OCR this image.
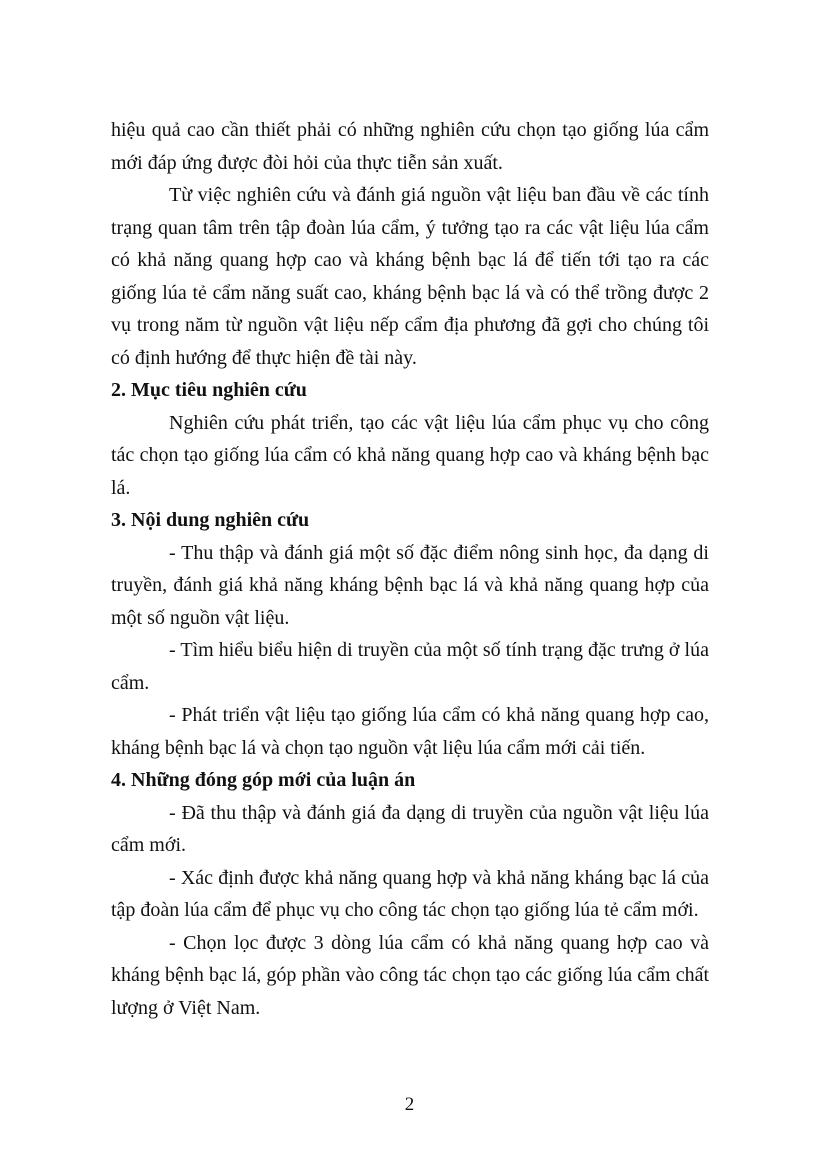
hiệu quả cao cần thiết phải có những nghiên cứu chọn tạo giống lúa cẩm mới đáp ứng được đòi hỏi của thực tiễn sản xuất.

Từ việc nghiên cứu và đánh giá nguồn vật liệu ban đầu về các tính trạng quan tâm trên tập đoàn lúa cẩm, ý tưởng tạo ra các vật liệu lúa cẩm có khả năng quang hợp cao và kháng bệnh bạc lá để tiến tới tạo ra các giống lúa tẻ cẩm năng suất cao, kháng bệnh bạc lá và có thể trồng được 2 vụ trong năm từ nguồn vật liệu nếp cẩm địa phương đã gợi cho chúng tôi có định hướng để thực hiện đề tài này.

2. Mục tiêu nghiên cứu

Nghiên cứu phát triển, tạo các vật liệu lúa cẩm phục vụ cho công tác chọn tạo giống lúa cẩm có khả năng quang hợp cao và kháng bệnh bạc lá.

3. Nội dung nghiên cứu

- Thu thập và đánh giá một số đặc điểm nông sinh học, đa dạng di truyền, đánh giá khả năng kháng bệnh bạc lá và khả năng quang hợp của một số nguồn vật liệu.

- Tìm hiểu biểu hiện di truyền của một số tính trạng đặc trưng ở lúa cẩm.

- Phát triển vật liệu tạo giống lúa cẩm có khả năng quang hợp cao, kháng bệnh bạc lá và chọn tạo nguồn vật liệu lúa cẩm mới cải tiến.

4. Những đóng góp mới của luận án

- Đã thu thập và đánh giá đa dạng di truyền của nguồn vật liệu lúa cẩm mới.

- Xác định được khả năng quang hợp và khả năng kháng bạc lá của tập đoàn lúa cẩm để phục vụ cho công tác chọn tạo giống lúa tẻ cẩm mới.

- Chọn lọc được 3 dòng lúa cẩm có khả năng quang hợp cao và kháng bệnh bạc lá, góp phần vào công tác chọn tạo các giống lúa cẩm chất lượng ở Việt Nam.

2
